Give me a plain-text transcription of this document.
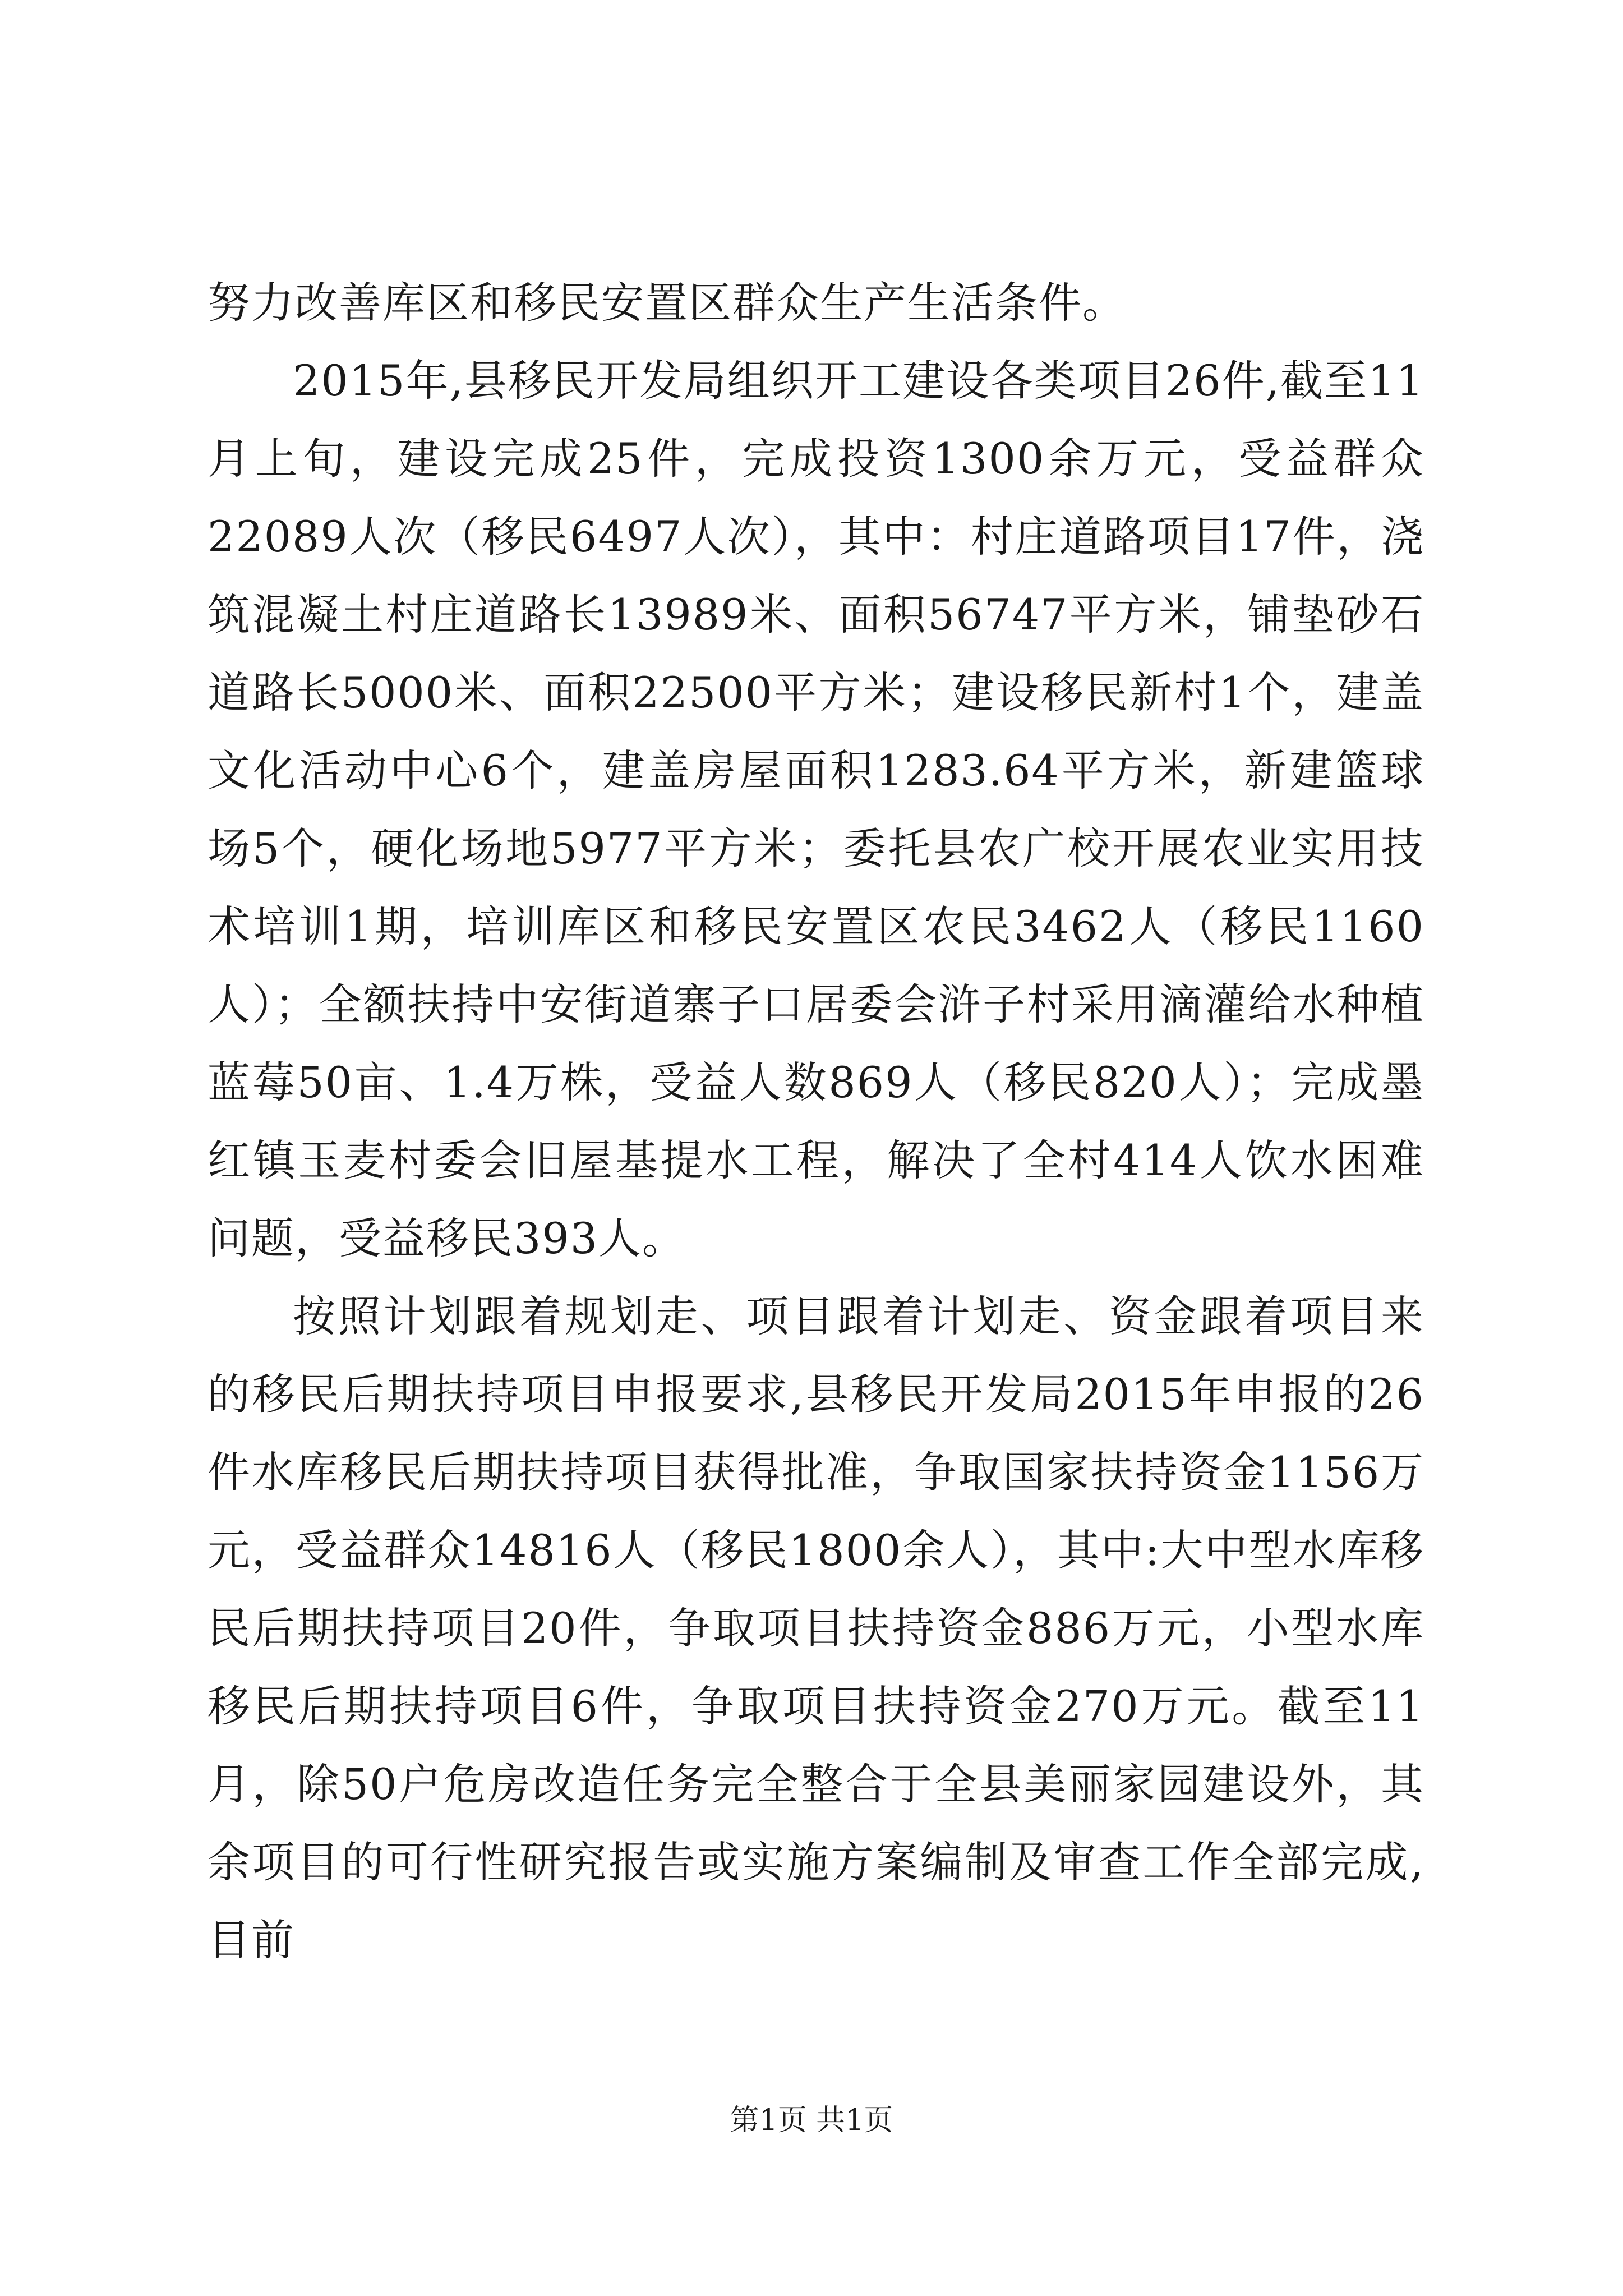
努力改善库区和移民安置区群众生产生活条件。

2015年,县移民开发局组织开工建设各类项目26件,截至11月上旬，建设完成25件，完成投资1300余万元，受益群众22089人次（移民6497人次），其中：村庄道路项目17件，浇筑混凝土村庄道路长13989米、面积56747平方米，铺垫砂石道路长5000米、面积22500平方米；建设移民新村1个，建盖文化活动中心6个，建盖房屋面积1283.64平方米，新建篮球场5个，硬化场地5977平方米；委托县农广校开展农业实用技术培训1期，培训库区和移民安置区农民3462人（移民1160人）；全额扶持中安街道寨子口居委会浒子村采用滴灌给水种植蓝莓50亩、1.4万株，受益人数869人（移民820人）；完成墨红镇玉麦村委会旧屋基提水工程，解决了全村414人饮水困难问题，受益移民393人。

按照计划跟着规划走、项目跟着计划走、资金跟着项目来的移民后期扶持项目申报要求,县移民开发局2015年申报的26件水库移民后期扶持项目获得批准，争取国家扶持资金1156万元，受益群众14816人（移民1800余人），其中:大中型水库移民后期扶持项目20件，争取项目扶持资金886万元，小型水库移民后期扶持项目6件，争取项目扶持资金270万元。截至11月，除50户危房改造任务完全整合于全县美丽家园建设外，其余项目的可行性研究报告或实施方案编制及审查工作全部完成,目前

第1页 共1页
